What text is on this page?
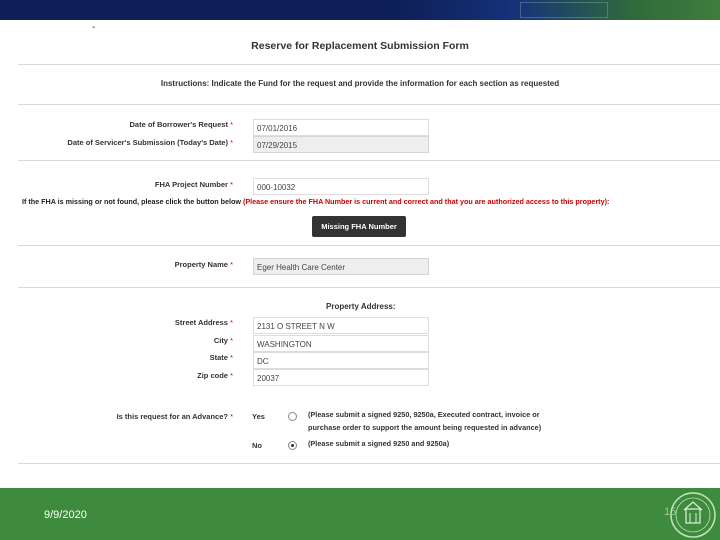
-
Reserve for Replacement Submission Form
Instructions: Indicate the Fund for the request and provide the information for each section as requested
Date of Borrower's Request *	07/01/2016
Date of Servicer's Submission (Today's Date) *	07/29/2015
FHA Project Number *	000-10032
If the FHA is missing or not found, please click the button below (Please ensure the FHA Number is current and correct and that you are authorized access to this property):
Missing FHA Number
Property Name *	Eger Health Care Center
Property Address:
Street Address *	2131 O STREET N W
City *	WASHINGTON
State *	DC
Zip code *	20037
Is this request for an Advance? *	Yes	(Please submit a signed 9250, 9250a, Executed contract, invoice or
purchase order to support the amount being requested in advance)
No	(Please submit a signed 9250 and 9250a)
9/9/2020	15
